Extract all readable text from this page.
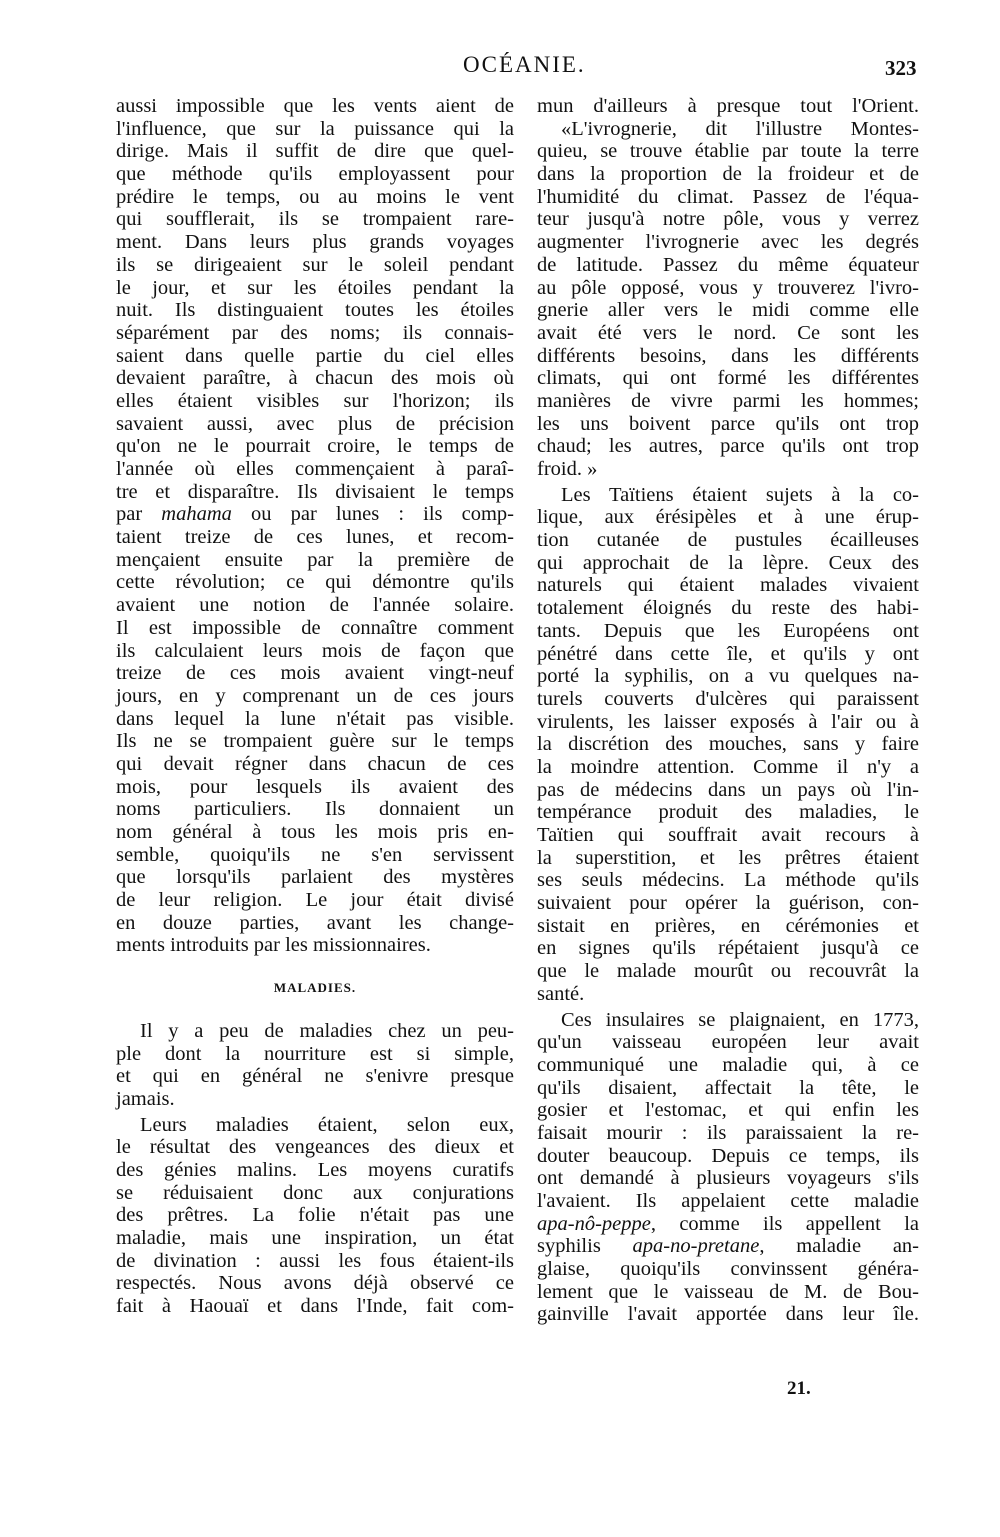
OCÉANIE.	323
aussi impossible que les vents aient de
l'influence, que sur la puissance qui la
dirige. Mais il suffit de dire que quel-
que méthode qu'ils employassent pour
prédire le temps, ou au moins le vent
qui soufflerait, ils se trompaient rare-
ment. Dans leurs plus grands voyages
ils se dirigeaient sur le soleil pendant
le jour, et sur les étoiles pendant la
nuit. Ils distinguaient toutes les étoiles
séparément par des noms; ils connais-
saient dans quelle partie du ciel elles
devaient paraître, à chacun des mois où
elles étaient visibles sur l'horizon; ils
savaient aussi, avec plus de précision
qu'on ne le pourrait croire, le temps de
l'année où elles commençaient à paraî-
tre et disparaître. Ils divisaient le temps
par mahama ou par lunes : ils comp-
taient treize de ces lunes, et recom-
mençaient ensuite par la première de
cette révolution; ce qui démontre qu'ils
avaient une notion de l'année solaire.
Il est impossible de connaître comment
ils calculaient leurs mois de façon que
treize de ces mois avaient vingt-neuf
jours, en y comprenant un de ces jours
dans lequel la lune n'était pas visible.
Ils ne se trompaient guère sur le temps
qui devait régner dans chacun de ces
mois, pour lesquels ils avaient des
noms particuliers. Ils donnaient un
nom général à tous les mois pris en-
semble, quoiqu'ils ne s'en servissent
que lorsqu'ils parlaient des mystères
de leur religion. Le jour était divisé
en douze parties, avant les change-
ments introduits par les missionnaires.
MALADIES.
Il y a peu de maladies chez un peu-
ple dont la nourriture est si simple,
et qui en général ne s'enivre presque
jamais.
Leurs maladies étaient, selon eux,
le résultat des vengeances des dieux et
des génies malins. Les moyens curatifs
se réduisaient donc aux conjurations
des prêtres. La folie n'était pas une
maladie, mais une inspiration, un état
de divination : aussi les fous étaient-ils
respectés. Nous avons déjà observé ce
fait à Haouaï et dans l'Inde, fait com-
mun d'ailleurs à presque tout l'Orient.
«L'ivrognerie, dit l'illustre Montes-
quieu, se trouve établie par toute la terre
dans la proportion de la froideur et de
l'humidité du climat. Passez de l'équa-
teur jusqu'à notre pôle, vous y verrez
augmenter l'ivrognerie avec les degrés
de latitude. Passez du même équateur
au pôle opposé, vous y trouverez l'ivro-
gnerie aller vers le midi comme elle
avait été vers le nord. Ce sont les
différents besoins, dans les différents
climats, qui ont formé les différentes
manières de vivre parmi les hommes;
les uns boivent parce qu'ils ont trop
chaud; les autres, parce qu'ils ont trop
froid. »
Les Taïtiens étaient sujets à la co-
lique, aux érésipèles et à une érup-
tion cutanée de pustules écailleuses
qui approchait de la lèpre. Ceux des
naturels qui étaient malades vivaient
totalement éloignés du reste des habi-
tants. Depuis que les Européens ont
pénétré dans cette île, et qu'ils y ont
porté la syphilis, on a vu quelques na-
turels couverts d'ulcères qui paraissent
virulents, les laisser exposés à l'air ou à
la discrétion des mouches, sans y faire
la moindre attention. Comme il n'y a
pas de médecins dans un pays où l'in-
tempérance produit des maladies, le
Taïtien qui souffrait avait recours à
la superstition, et les prêtres étaient
ses seuls médecins. La méthode qu'ils
suivaient pour opérer la guérison, con-
sistait en prières, en cérémonies et
en signes qu'ils répétaient jusqu'à ce
que le malade mourût ou recouvrât la
santé.
Ces insulaires se plaignaient, en 1773,
qu'un vaisseau européen leur avait
communiqué une maladie qui, à ce
qu'ils disaient, affectait la tête, le
gosier et l'estomac, et qui enfin les
faisait mourir : ils paraissaient la re-
douter beaucoup. Depuis ce temps, ils
ont demandé à plusieurs voyageurs s'ils
l'avaient. Ils appelaient cette maladie
apa-nô-peppe, comme ils appellent la
syphilis apa-no-pretane, maladie an-
glaise, quoiqu'ils convinssent généra-
lement que le vaisseau de M. de Bou-
gainville l'avait apportée dans leur île.
21.
